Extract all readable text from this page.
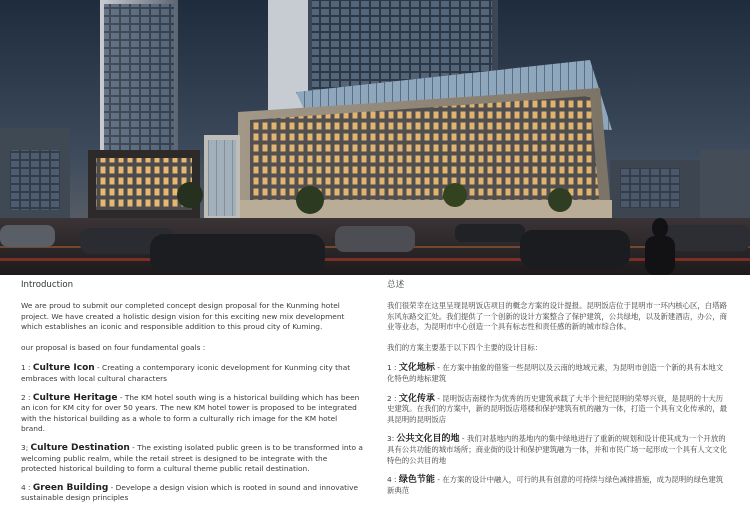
Introduction
We are proud to submit our completed concept design proposal for the Kunming hotel project. We have created a holistic design vision for this exciting new mix development which establishes an iconic and responsible addition to this proud city of Kuming.
our proposal is based on four fundamental goals :
1 : Culture Icon - Creating a contemporary iconic development for Kunming city that embraces with local cultural characters
2 : Culture Heritage - The KM hotel south wing is a historical building which has been an icon for KM city for over 50 years. The new KM hotel tower is proposed to be integrated with the historical building as a whole to form a culturally rich image for the KM hotel brand.
3; Culture Destination - The existing isolated public green is to be transformed into a welcoming public realm, while the retail street is designed to be integrate with the protected historical building to form a cultural theme public retail destination.
4 : Green Building - Develope a design vision which is rooted in sound and innovative sustainable design principles
总述
我们很荣幸在这里呈现昆明饭店项目的概念方案的设计提报。昆明饭店位于昆明市一环内核心区，白塔路东风东路交汇处。我们提供了一个创新的设计方案整合了保护建筑，公共绿地，以及新建酒店，办公，商业等业态，为昆明市中心创造一个具有标志性和责任感的新的城市综合体。
我们的方案主要基于以下四个主要的设计目标：
1 : 文化地标 - 在方案中抽象的借鉴一些昆明以及云南的地域元素，为昆明市创造一个新的具有本地文化特色的地标建筑
2 : 文化传承 - 昆明饭店南楼作为优秀的历史建筑承载了大半个世纪昆明的荣辱兴衰，是昆明的十大历史建筑。在我们的方案中，新的昆明饭店塔楼和保护建筑有机的融为一体，打造一个具有文化传承的，最具昆明的昆明饭店
3: 公共文化目的地 - 我们对基地内的基地内的集中绿地进行了重新的规划和设计使其成为一个开放的具有公共功能的城市场所；商业街的设计和保护建筑融为一体，并和市民广场一起形成一个具有人文文化特色的公共目的地
4 : 绿色节能 - 在方案的设计中融入，可行的具有创意的可持续与绿色减排措施，成为昆明的绿色建筑新典范
